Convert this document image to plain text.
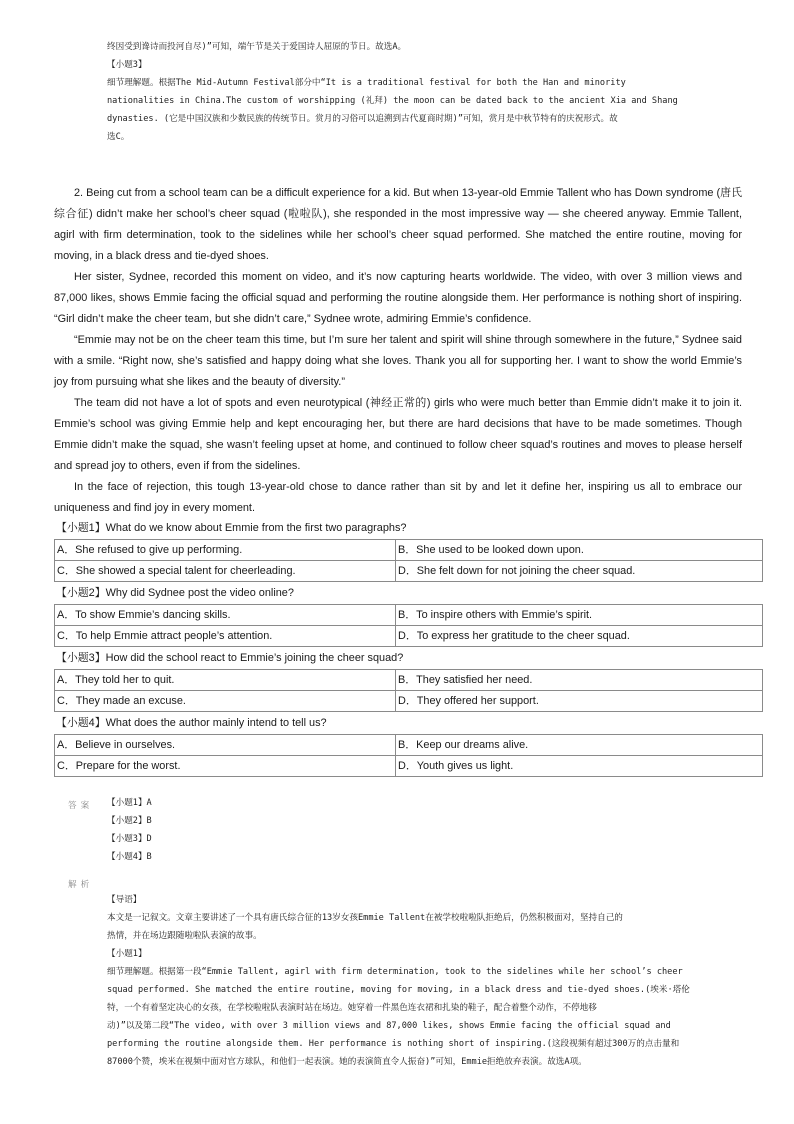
终因受到谗诗而投河自尽)”可知，端午节是关于爱国诗人屈原的节日。故选A。
【小题3】
细节理解题。根据The Mid-Autumn Festival部分中“It is a traditional festival for both the Han and minority
nationalities in China.The custom of worshipping (礼拜) the moon can be dated back to the ancient Xia and Shang
dynasties. (它是中国汉族和少数民族的传统节日。赏月的习俗可以追溯到古代夏商时期)”可知，赏月是中秋节特有的庆祝形式。故
选C。

2. Being cut from a school team can be a difficult experience for a kid. But when 13-year-old Emmie Tallent who has Down syndrome (唐氏综合征) didn’t make her school’s cheer squad (啦啦队), she responded in the most impressive way — she cheered anyway. Emmie Tallent, agirl with firm determination, took to the sidelines while her school’s cheer squad performed. She matched the entire routine, moving for moving, in a black dress and tie-dyed shoes.

Her sister, Sydnee, recorded this moment on video, and it’s now capturing hearts worldwide. The video, with over 3 million views and 87,000 likes, shows Emmie facing the official squad and performing the routine alongside them. Her performance is nothing short of inspiring. “Girl didn’t make the cheer team, but she didn’t care,” Sydnee wrote, admiring Emmie’s confidence.

“Emmie may not be on the cheer team this time, but I’m sure her talent and spirit will shine through somewhere in the future,” Sydnee said with a smile. “Right now, she’s satisfied and happy doing what she loves. Thank you all for supporting her. I want to show the world Emmie’s joy from pursuing what she likes and the beauty of diversity.”

The team did not have a lot of spots and even neurotypical (神经正常的) girls who were much better than Emmie didn’t make it to join it. Emmie’s school was giving Emmie help and kept encouraging her, but there are hard decisions that have to be made sometimes. Though Emmie didn’t make the squad, she wasn’t feeling upset at home, and continued to follow cheer squad’s routines and moves to please herself and spread joy to others, even if from the sidelines.

In the face of rejection, this tough 13-year-old chose to dance rather than sit by and let it define her, inspiring us all to embrace our uniqueness and find joy in every moment.

【小题1】What do we know about Emmie from the first two paragraphs?
A．She refused to give up performing.	B．She used to be looked down upon.
C．She showed a special talent for cheerleading.	D．She felt down for not joining the cheer squad.
【小题2】Why did Sydnee post the video online?
A．To show Emmie’s dancing skills.	B．To inspire others with Emmie’s spirit.
C．To help Emmie attract people’s attention.	D．To express her gratitude to the cheer squad.
【小题3】How did the school react to Emmie’s joining the cheer squad?
A．They told her to quit.	B．They satisfied her need.
C．They made an excuse.	D．They offered her support.
【小题4】What does the author mainly intend to tell us?
A．Believe in ourselves.	B．Keep our dreams alive.
C．Prepare for the worst.	D．Youth gives us light.
答案 【小题1】A
【小题2】B
【小题3】D
【小题4】B
解析
【导语】
本文是一记叙文。文章主要讲述了一个具有唐氏综合征的13岁女孩Emmie Tallent在被学校啦啦队拒绝后，仍然积极面对，坚持自己的
热情，并在场边跟随啦啦队表演的故事。
【小题1】
细节理解题。根据第一段“Emmie Tallent, agirl with firm determination, took to the sidelines while her school’s cheer
squad performed. She matched the entire routine, moving for moving, in a black dress and tie-dyed shoes.(埃米·塔伦
特，一个有着坚定决心的女孩，在学校啦啦队表演时站在场边。她穿着一件黑色连衣裙和扎染的鞋子，配合着整个动作，不停地移
动)”以及第二段“The video, with over 3 million views and 87,000 likes, shows Emmie facing the official squad and
performing the routine alongside them. Her performance is nothing short of inspiring.(这段视频有超过300万的点击量和
87000个赞，埃米在视频中面对官方球队，和他们一起表演。她的表演简直令人振奋)”可知，Emmie拒绝放弃表演。故选A项。
